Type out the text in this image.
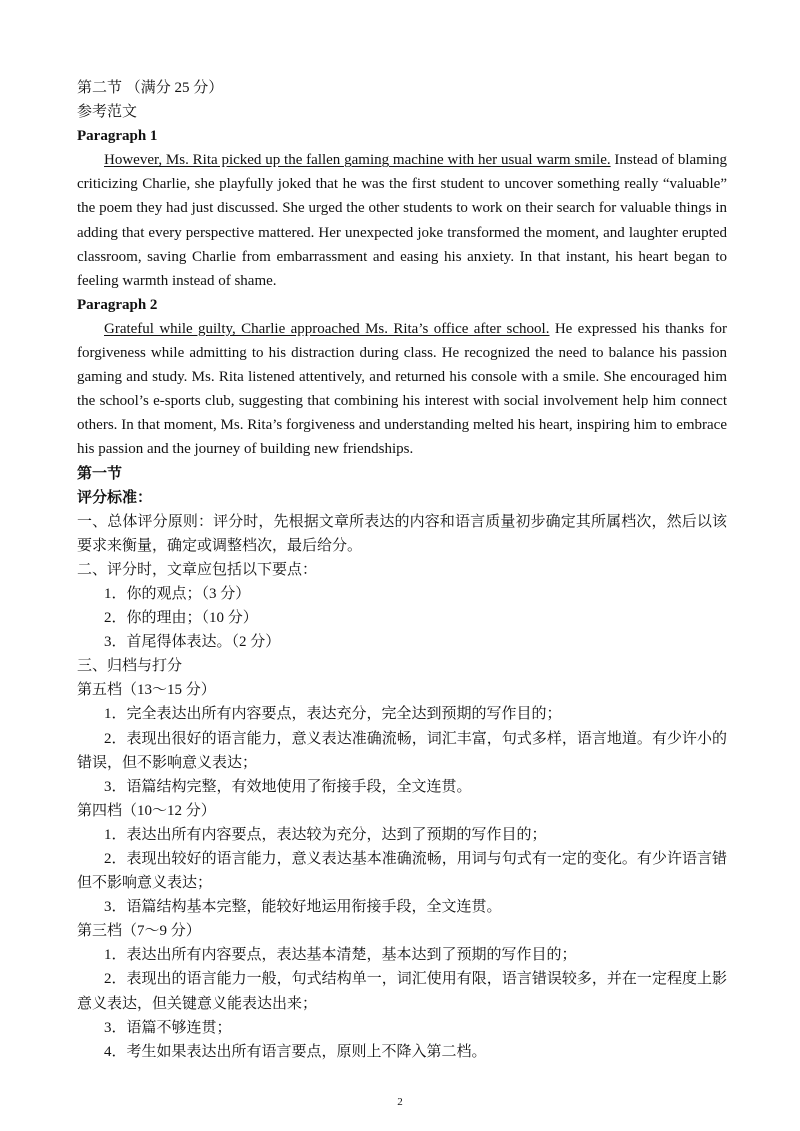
第二节 （满分 25 分）
参考范文
Paragraph 1
However, Ms. Rita picked up the fallen gaming machine with her usual warm smile. Instead of blaming
criticizing Charlie, she playfully joked that he was the first student to uncover something really “valuable”
the poem they had just discussed. She urged the other students to work on their search for valuable things in
adding that every perspective mattered. Her unexpected joke transformed the moment, and laughter erupted
classroom, saving Charlie from embarrassment and easing his anxiety. In that instant, his heart began to
feeling warmth instead of shame.
Paragraph 2
Grateful while guilty, Charlie approached Ms. Rita’s office after school. He expressed his thanks for
forgiveness while admitting to his distraction during class. He recognized the need to balance his passion
gaming and study. Ms. Rita listened attentively, and returned his console with a smile. She encouraged him
the school’s e-sports club, suggesting that combining his interest with social involvement help him connect
others. In that moment, Ms. Rita’s forgiveness and understanding melted his heart, inspiring him to embrace
his passion and the journey of building new friendships.
第一节
评分标准：
一、总体评分原则：评分时，先根据文章所表达的内容和语言质量初步确定其所属档次，然后以该
要求来衡量，确定或调整档次，最后给分。
二、评分时，文章应包括以下要点：
1．你的观点；（3 分）
2．你的理由；（10 分）
3．首尾得体表达。（2 分）
三、归档与打分
第五档（13～15 分）
1．完全表达出所有内容要点，表达充分，完全达到预期的写作目的；
2．表现出很好的语言能力，意义表达准确流畅，词汇丰富，句式多样，语言地道。有少许小的
错误，但不影响意义表达；
3．语篇结构完整，有效地使用了衔接手段，全文连贯。
第四档（10～12 分）
1．表达出所有内容要点，表达较为充分，达到了预期的写作目的；
2．表现出较好的语言能力，意义表达基本准确流畅，用词与句式有一定的变化。有少许语言错
但不影响意义表达；
3．语篇结构基本完整，能较好地运用衔接手段，全文连贯。
第三档（7～9 分）
1．表达出所有内容要点，表达基本清楚，基本达到了预期的写作目的；
2．表现出的语言能力一般，句式结构单一，词汇使用有限，语言错误较多，并在一定程度上影
意义表达，但关键意义能表达出来；
3．语篇不够连贯；
4．考生如果表达出所有语言要点，原则上不降入第二档。
2
